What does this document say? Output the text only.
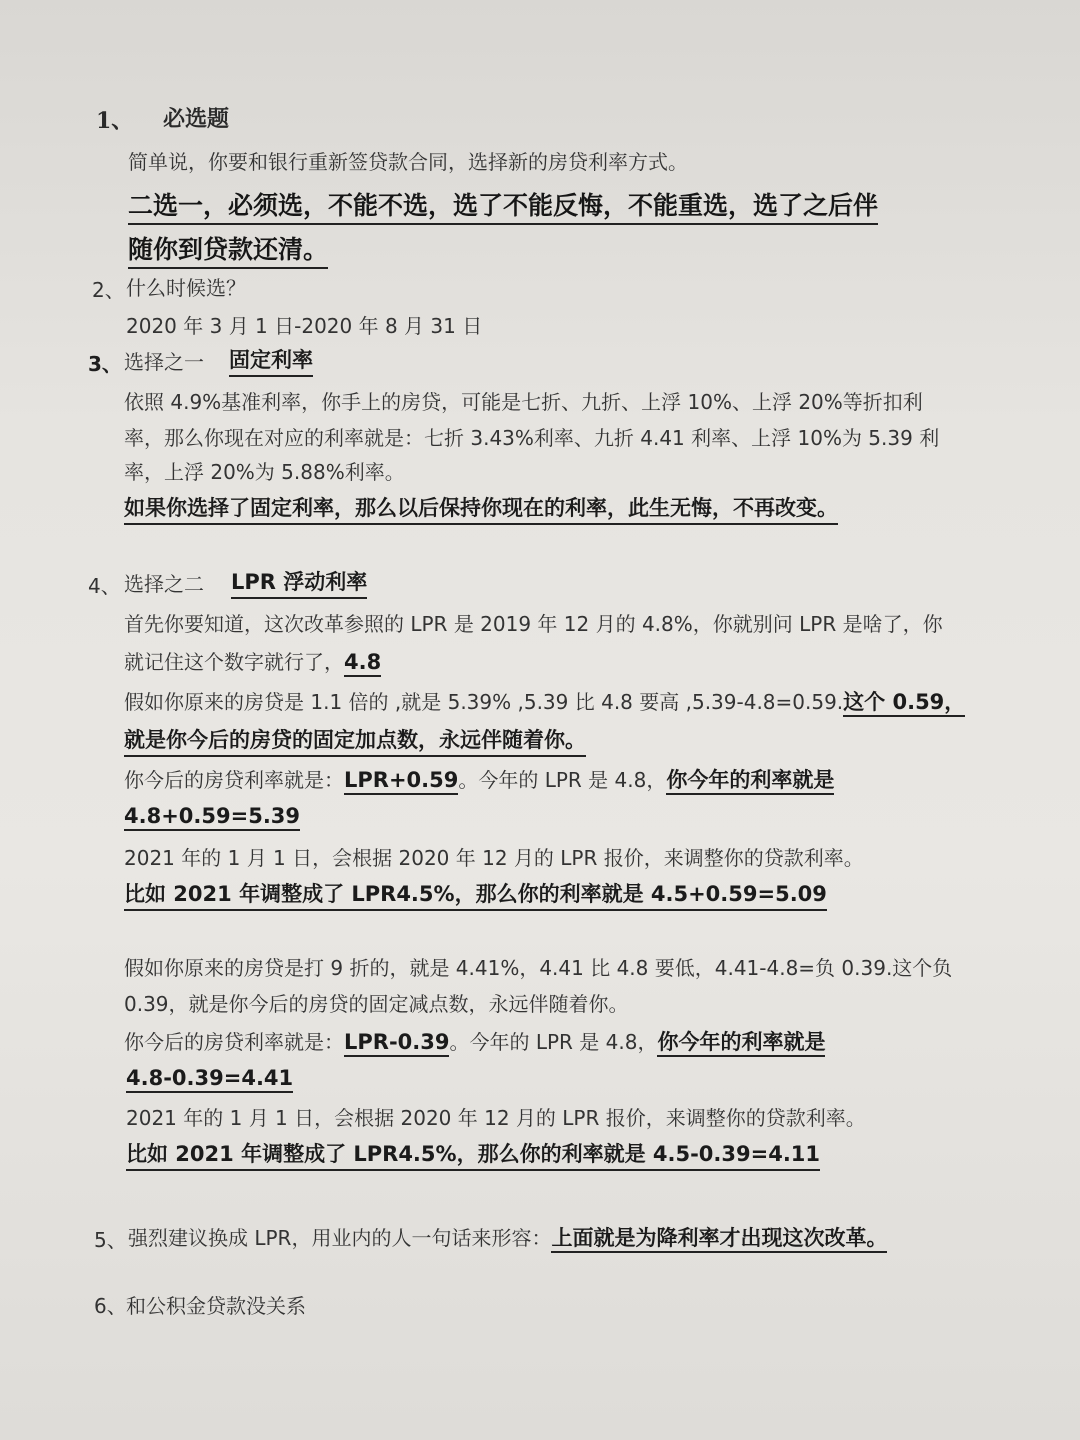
1、 必选题
简单说，你要和银行重新签贷款合同，选择新的房贷利率方式。
二选一，必须选，不能不选，选了不能反悔，不能重选，选了之后伴
随你到贷款还清。
2、 什么时候选？
2020 年 3 月 1 日-2020 年 8 月 31 日
3、 选择之一 固定利率
依照 4.9%基准利率，你手上的房贷，可能是七折、九折、上浮 10%、上浮 20%等折扣利
率，那么你现在对应的利率就是：七折 3.43%利率、九折 4.41 利率、上浮 10%为 5.39 利
率，上浮 20%为 5.88%利率。
如果你选择了固定利率，那么以后保持你现在的利率，此生无悔，不再改变。
4、 选择之二 LPR 浮动利率
首先你要知道，这次改革参照的 LPR 是 2019 年 12 月的 4.8%，你就别问 LPR 是啥了，你
就记住这个数字就行了，4.8
假如你原来的房贷是 1.1 倍的 ,就是 5.39% ,5.39 比 4.8 要高 ,5.39-4.8=0.59.这个 0.59，
就是你今后的房贷的固定加点数，永远伴随着你。
你今后的房贷利率就是：LPR+0.59。今年的 LPR 是 4.8，你今年的利率就是
4.8+0.59=5.39
2021 年的 1 月 1 日，会根据 2020 年 12 月的 LPR 报价，来调整你的贷款利率。
比如 2021 年调整成了 LPR4.5%，那么你的利率就是 4.5+0.59=5.09
假如你原来的房贷是打 9 折的，就是 4.41%，4.41 比 4.8 要低，4.41-4.8=负 0.39.这个负
0.39，就是你今后的房贷的固定减点数，永远伴随着你。
你今后的房贷利率就是：LPR-0.39。今年的 LPR 是 4.8，你今年的利率就是
4.8-0.39=4.41
2021 年的 1 月 1 日，会根据 2020 年 12 月的 LPR 报价，来调整你的贷款利率。
比如 2021 年调整成了 LPR4.5%，那么你的利率就是 4.5-0.39=4.11
5、 强烈建议换成 LPR，用业内的人一句话来形容：上面就是为降利率才出现这次改革。
6、 和公积金贷款没关系
